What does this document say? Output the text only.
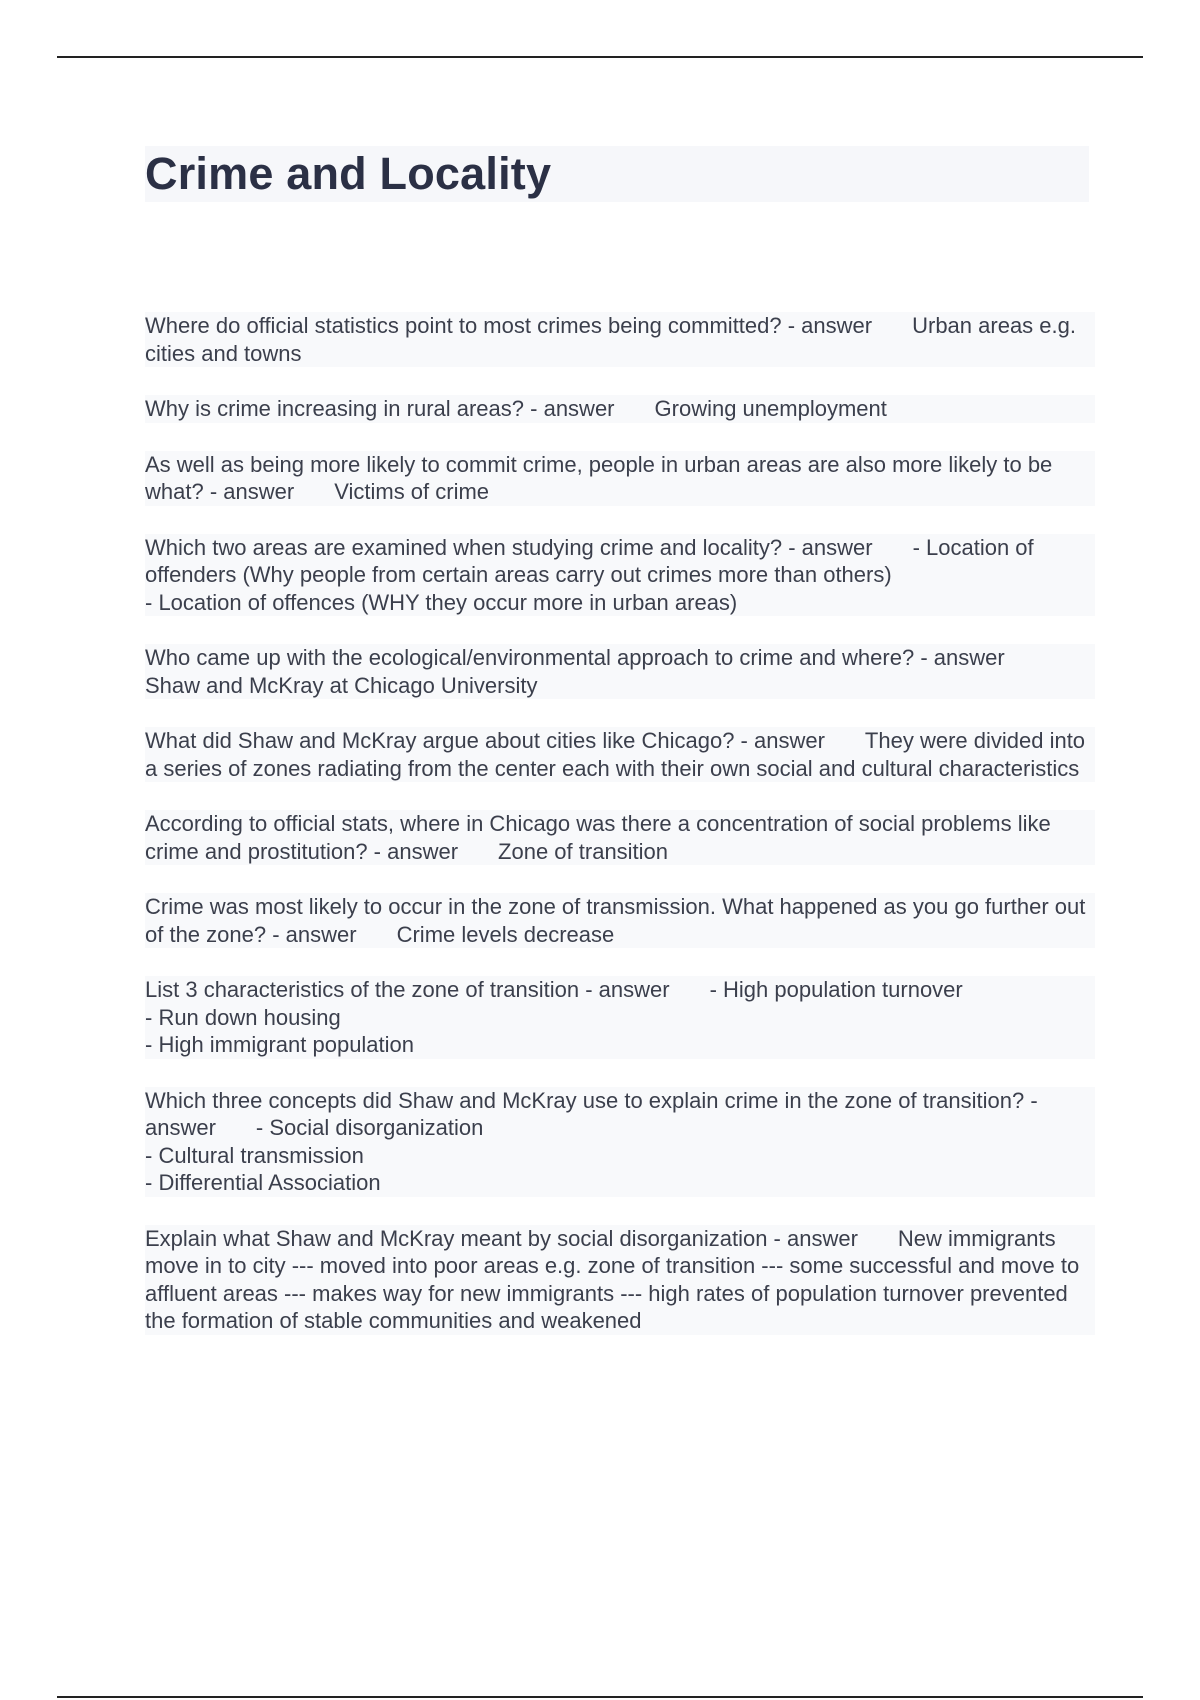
Crime and Locality
Where do official statistics point to most crimes being committed? - answer Urban areas e.g. cities and towns
Why is crime increasing in rural areas? - answer Growing unemployment
As well as being more likely to commit crime, people in urban areas are also more likely to be what? - answer Victims of crime
Which two areas are examined when studying crime and locality? - answer - Location of offenders (Why people from certain areas carry out crimes more than others)
- Location of offences (WHY they occur more in urban areas)
Who came up with the ecological/environmental approach to crime and where? - answerShaw and McKray at Chicago University
What did Shaw and McKray argue about cities like Chicago? - answer They were divided into a series of zones radiating from the center each with their own social and cultural characteristics
According to official stats, where in Chicago was there a concentration of social problems like crime and prostitution? - answer Zone of transition
Crime was most likely to occur in the zone of transmission. What happened as you go further out of the zone? - answer Crime levels decrease
List 3 characteristics of the zone of transition - answer - High population turnover
- Run down housing
- High immigrant population
Which three concepts did Shaw and McKray use to explain crime in the zone of transition? - answer - Social disorganization
- Cultural transmission
- Differential Association
Explain what Shaw and McKray meant by social disorganization - answer New immigrants move in to city --- moved into poor areas e.g. zone of transition --- some successful and move to affluent areas --- makes way for new immigrants --- high rates of population turnover prevented the formation of stable communities and weakened
